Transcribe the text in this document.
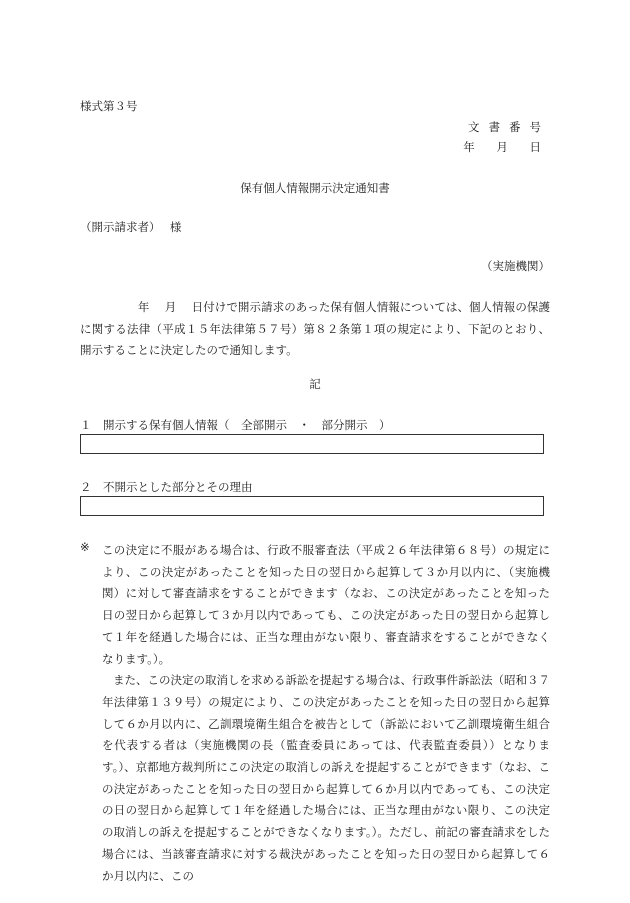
様式第３号
文書番号
年 月 日
保有個人情報開示決定通知書
（開示請求者）　 様
（実施機関）

　　　　　年　 月　 日付けで開示請求のあった保有個人情報については、個人情報の保護に関する法律（平成１５年法律第５７号）第８２条第１項の規定により、下記のとおり、開示することに決定したので通知します。

記
１　開示する保有個人情報（　全部開示　・　部分開示　）
２　不開示とした部分とその理由
※	この決定に不服がある場合は、行政不服審査法（平成２６年法律第６８号）の規定により、この決定があったことを知った日の翌日から起算して３か月以内に、（実施機関）に対して審査請求をすることができます（なお、この決定があったことを知った日の翌日から起算して３か月以内であっても、この決定があった日の翌日から起算して１年を経過した場合には、正当な理由がない限り、審査請求をすることができなくなります。）。

また、この決定の取消しを求める訴訟を提起する場合は、行政事件訴訟法（昭和３７年法律第１３９号）の規定により、この決定があったことを知った日の翌日から起算して６か月以内に、乙訓環境衛生組合を被告として（訴訟において乙訓環境衛生組合を代表する者は（実施機関の長（監査委員にあっては、代表監査委員））となります。）、京都地方裁判所にこの決定の取消しの訴えを提起することができます（なお、この決定があったことを知った日の翌日から起算して６か月以内であっても、この決定の日の翌日から起算して１年を経過した場合には、正当な理由がない限り、この決定の取消しの訴えを提起することができなくなります。）。ただし、前記の審査請求をした場合には、当該審査請求に対する裁決があったことを知った日の翌日から起算して６か月以内に、この
